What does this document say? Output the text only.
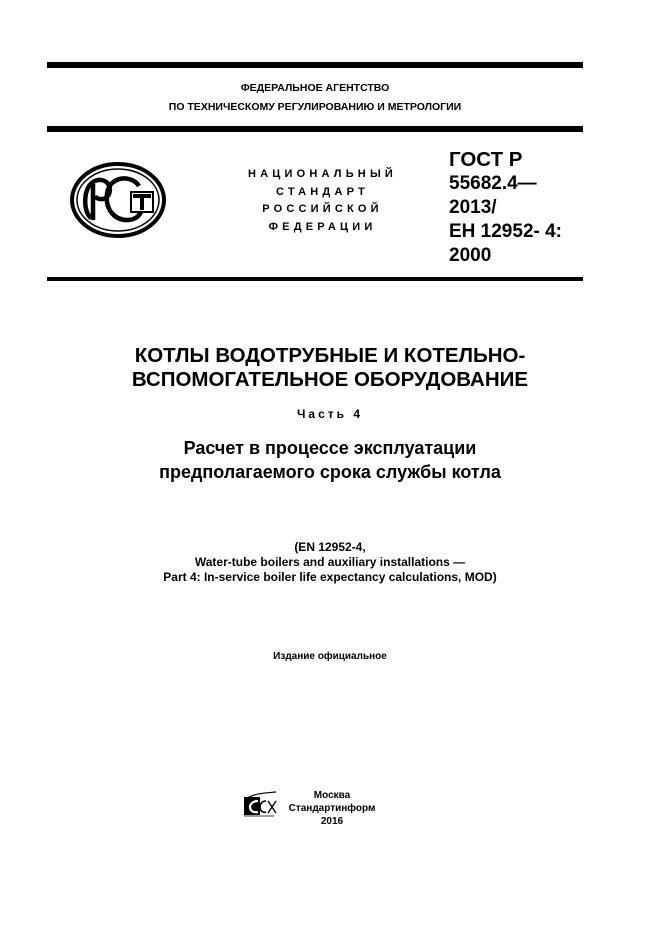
ФЕДЕРАЛЬНОЕ АГЕНТСТВО
ПО ТЕХНИЧЕСКОМУ РЕГУЛИРОВАНИЮ И МЕТРОЛОГИИ
НАЦИОНАЛЬНЫЙ
СТАНДАРТ
РОССИЙСКОЙ
ФЕДЕРАЦИИ
ГОСТ Р
55682.4—
2013/
ЕН 12952- 4:
2000
КОТЛЫ ВОДОТРУБНЫЕ И КОТЕЛЬНО-
ВСПОМОГАТЕЛЬНОЕ ОБОРУДОВАНИЕ
Часть 4
Расчет в процессе эксплуатации
предполагаемого срока службы котла
(EN 12952-4,
Water-tube boilers and auxiliary installations —
Part 4: In-service boiler life expectancy calculations, MOD)
Издание официальное
Москва
Стандартинформ
2016
